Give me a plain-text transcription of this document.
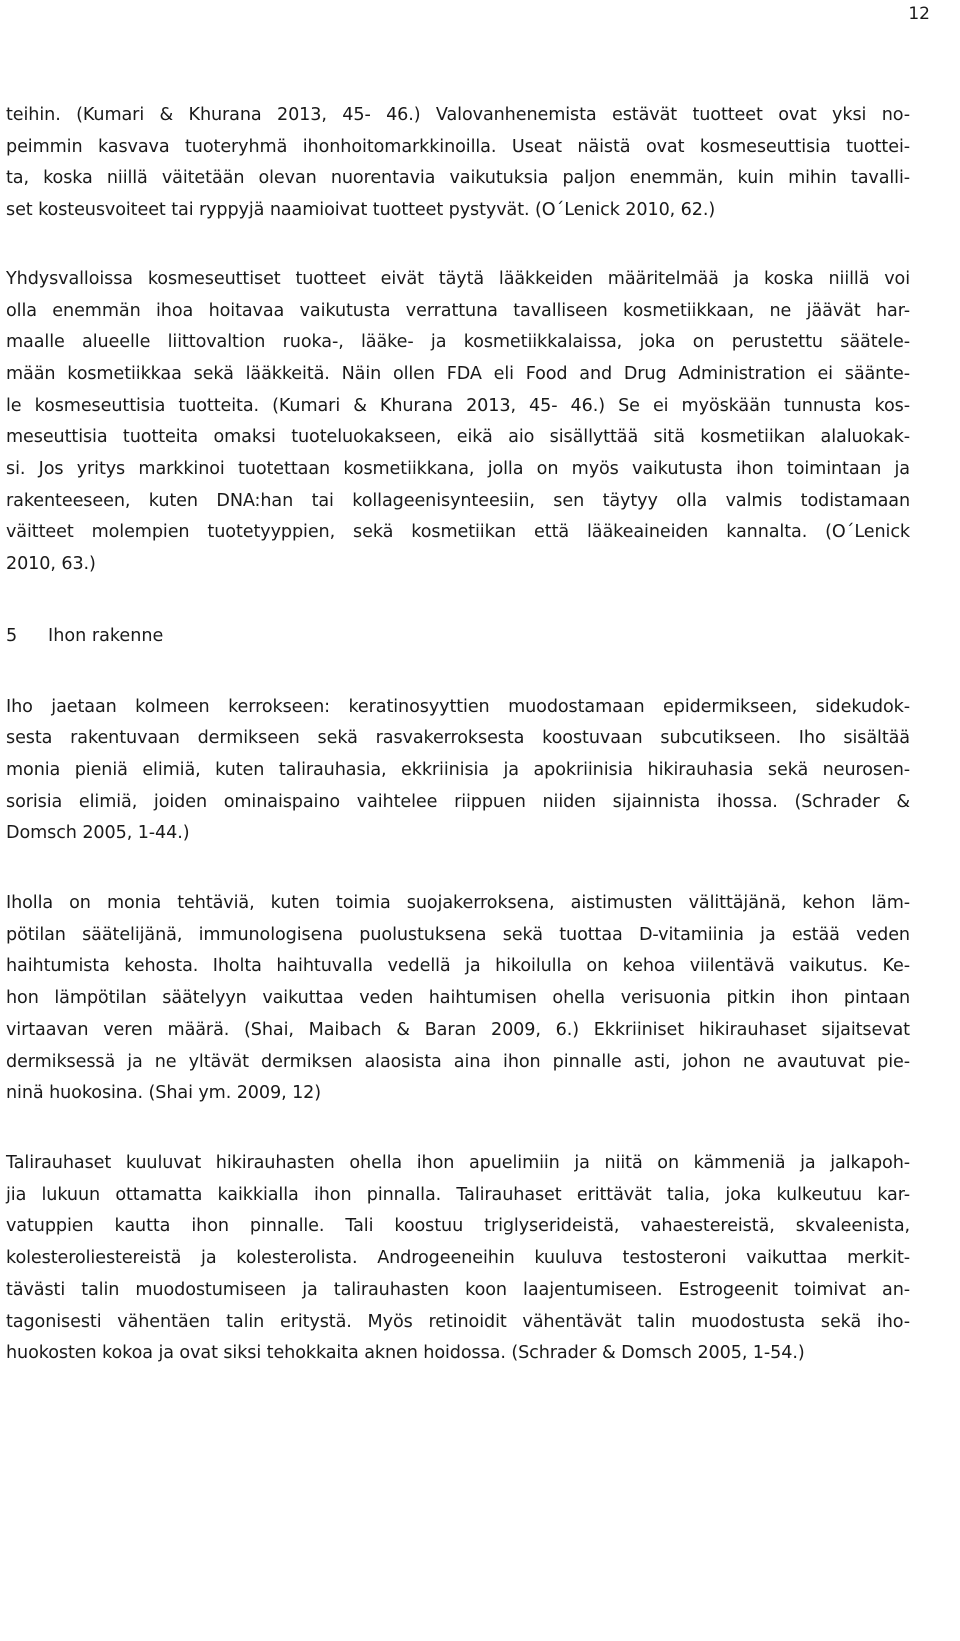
12
teihin. (Kumari & Khurana 2013, 45- 46.) Valovanhenemista estävät tuotteet ovat yksi no-
peimmin kasvava tuoteryhmä ihonhoitomarkkinoilla. Useat näistä ovat kosmeseuttisia tuottei-
ta, koska niillä väitetään olevan nuorentavia vaikutuksia paljon enemmän, kuin mihin tavalli-
set kosteusvoiteet tai ryppyjä naamioivat tuotteet pystyvät. (O´Lenick 2010, 62.)
Yhdysvalloissa kosmeseuttiset tuotteet eivät täytä lääkkeiden määritelmää ja koska niillä voi
olla enemmän ihoa hoitavaa vaikutusta verrattuna tavalliseen kosmetiikkaan, ne jäävät har-
maalle alueelle liittovaltion ruoka-, lääke- ja kosmetiikkalaissa, joka on perustettu säätele-
mään kosmetiikkaa sekä lääkkeitä. Näin ollen FDA eli Food and Drug Administration ei sääntе-
le kosmeseuttisia tuotteita. (Kumari & Khurana 2013, 45- 46.) Se ei myöskään tunnusta kos-
meseuttisia tuotteita omaksi tuoteluokakseen, eikä aio sisällyttää sitä kosmetiikan alaluokak-
si. Jos yritys markkinoi tuotettaan kosmetiikkana, jolla on myös vaikutusta ihon toimintaan ja
rakenteeseen, kuten DNA:han tai kollageenisynteesiin, sen täytyy olla valmis todistamaan
väitteet molempien tuotetyyppien, sekä kosmetiikan että lääkeaineiden kannalta. (O´Lenick
2010, 63.)
5 Ihon rakenne
Iho jaetaan kolmeen kerrokseen: keratinosyyttien muodostamaan epidermikseen, sidekudok-
sesta rakentuvaan dermikseen sekä rasvakerroksesta koostuvaan subcutikseen. Iho sisältää
monia pieniä elimiä, kuten talirauhasia, ekkriinisia ja apokriinisia hikirauhasia sekä neurosen-
sorisia elimiä, joiden ominaispaino vaihtelee riippuen niiden sijainnista ihossa. (Schrader &
Domsch 2005, 1-44.)
Iholla on monia tehtäviä, kuten toimia suojakerroksena, aistimusten välittäjänä, kehon läm-
pötilan säätelijänä, immunologisena puolustuksena sekä tuottaa D-vitamiinia ja estää veden
haihtumista kehosta. Iholta haihtuvalla vedellä ja hikoilulla on kehoa viilentävä vaikutus. Ke-
hon lämpötilan säätelyyn vaikuttaa veden haihtumisen ohella verisuonia pitkin ihon pintaan
virtaavan veren määrä. (Shai, Maibach & Baran 2009, 6.) Ekkriiniset hikirauhaset sijaitsevat
dermiksessä ja ne yltävät dermiksen alaosista aina ihon pinnalle asti, johon ne avautuvat pie-
ninä huokosina. (Shai ym. 2009, 12)
Talirauhaset kuuluvat hikirauhasten ohella ihon apuelimiin ja niitä on kämmeniä ja jalkapoh-
jia lukuun ottamatta kaikkialla ihon pinnalla. Talirauhaset erittävät talia, joka kulkeutuu kar-
vatuppien kautta ihon pinnalle. Tali koostuu triglyserideistä, vahaestereistä, skvaleenista,
kolesteroliestereistä ja kolesterolista. Androgeeneihin kuuluva testosteroni vaikuttaa merkit-
tävästi talin muodostumiseen ja talirauhasten koon laajentumiseen. Estrogeenit toimivat an-
tagonisesti vähentäen talin eritystä. Myös retinoidit vähentävät talin muodostusta sekä iho-
huokosten kokoa ja ovat siksi tehokkaita aknen hoidossa. (Schrader & Domsch 2005, 1-54.)
